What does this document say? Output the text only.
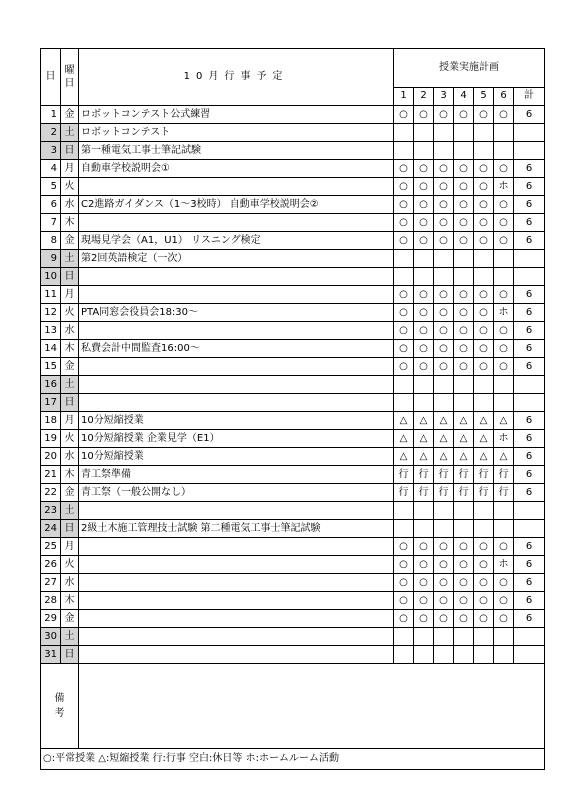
日	曜日	10月行事予定	授業実施計画						
			1	2	3	4	5	6	計
1	金	ロボットコンテスト公式練習	○	○	○	○	○	○	6
2	土	ロボットコンテスト							
3	日	第一種電気工事士筆記試験							
4	月	自動車学校説明会①	○	○	○	○	○	○	6
5	火		○	○	○	○	○	ホ	6
6	水	C2進路ガイダンス（1～3校時） 自動車学校説明会②	○	○	○	○	○	○	6
7	木		○	○	○	○	○	○	6
8	金	現場見学会（A1，U1） リスニング検定	○	○	○	○	○	○	6
9	土	第2回英語検定（一次）							
10	日								
11	月		○	○	○	○	○	○	6
12	火	PTA同窓会役員会18:30～	○	○	○	○	○	ホ	6
13	水		○	○	○	○	○	○	6
14	木	私費会計中間監査16:00～	○	○	○	○	○	○	6
15	金		○	○	○	○	○	○	6
16	土								
17	日								
18	月	10分短縮授業	△	△	△	△	△	△	6
19	火	10分短縮授業 企業見学（E1）	△	△	△	△	△	ホ	6
20	水	10分短縮授業	△	△	△	△	△	△	6
21	木	青工祭準備	行	行	行	行	行	行	6
22	金	青工祭（一般公開なし）	行	行	行	行	行	行	6
23	土								
24	日	2級土木施工管理技士試験 第二種電気工事士筆記試験							
25	月		○	○	○	○	○	○	6
26	火		○	○	○	○	○	ホ	6
27	水		○	○	○	○	○	○	6
28	木		○	○	○	○	○	○	6
29	金		○	○	○	○	○	○	6
30	土								
31	日								
備考									
○:平常授業 △:短縮授業 行:行事 空白:休日等 ホ:ホームルーム活動									
